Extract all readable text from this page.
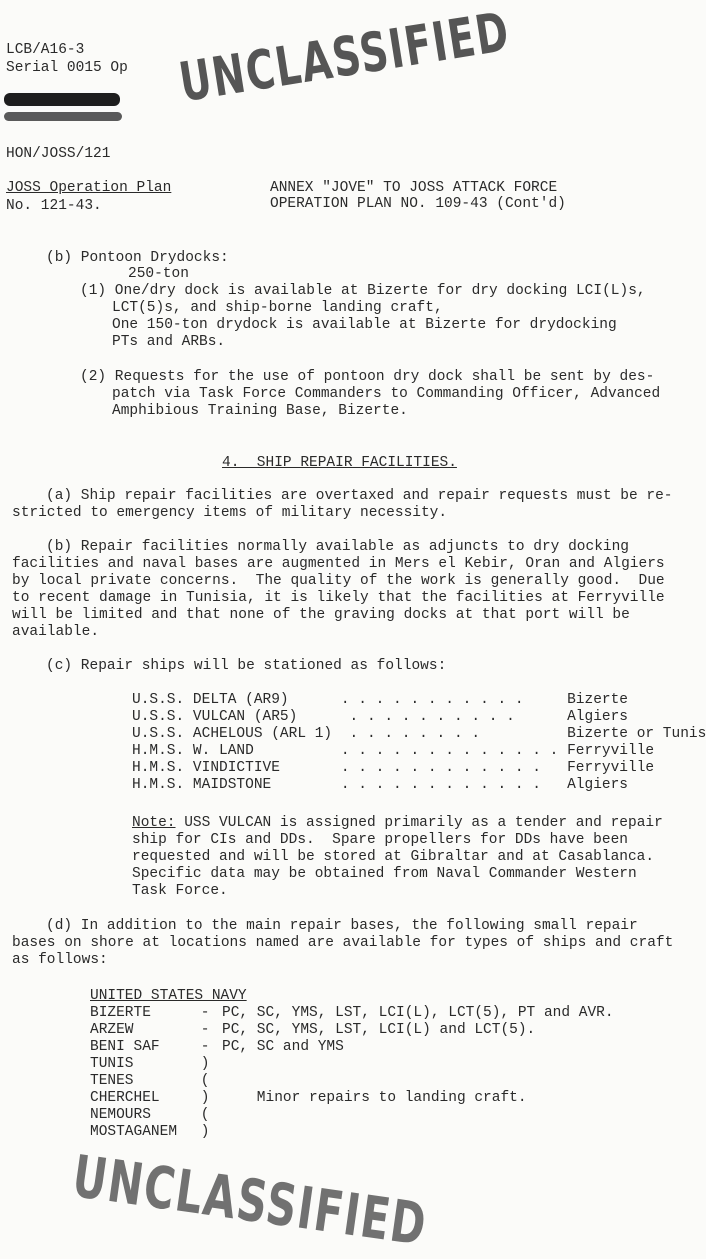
LCB/A16-3
Serial 0015 Op
HON/JOSS/121
JOSS Operation Plan
No. 121-43.
ANNEX "JOVE" TO JOSS ATTACK FORCE
OPERATION PLAN NO. 109-43 (Cont'd)
UNCLASSIFIED
(b) Pontoon Drydocks:
250-ton
(1) One/dry dock is available at Bizerte for dry docking LCI(L)s,
LCT(5)s, and ship-borne landing craft,
One 150-ton drydock is available at Bizerte for drydocking
PTs and ARBs.
(2) Requests for the use of pontoon dry dock shall be sent by des-
patch via Task Force Commanders to Commanding Officer, Advanced
Amphibious Training Base, Bizerte.
4.  SHIP REPAIR FACILITIES.
(a) Ship repair facilities are overtaxed and repair requests must be re-
stricted to emergency items of military necessity.
(b) Repair facilities normally available as adjuncts to dry docking
facilities and naval bases are augmented in Mers el Kebir, Oran and Algiers
by local private concerns.  The quality of the work is generally good.  Due
to recent damage in Tunisia, it is likely that the facilities at Ferryville
will be limited and that none of the graving docks at that port will be
available.
(c) Repair ships will be stationed as follows:
U.S.S. DELTA (AR9)	. . . . . . . . . . .	Bizerte
U.S.S. VULCAN (AR5)	. . . . . . . . . .	Algiers
U.S.S. ACHELOUS (ARL 1)	. . . . . . . .	Bizerte or Tunis
H.M.S. W. LAND	. . . . . . . . . . . . .	Ferryville
H.M.S. VINDICTIVE	. . . . . . . . . . . .	Ferryville
H.M.S. MAIDSTONE	. . . . . . . . . . . .	Algiers
Note: USS VULCAN is assigned primarily as a tender and repair
ship for CIs and DDs.  Spare propellers for DDs have been
requested and will be stored at Gibraltar and at Casablanca.
Specific data may be obtained from Naval Commander Western
Task Force.
(d) In addition to the main repair bases, the following small repair
bases on shore at locations named are available for types of ships and craft
as follows:
UNITED STATES NAVY		
BIZERTE	-	PC, SC, YMS, LST, LCI(L), LCT(5), PT and AVR.
ARZEW	-	PC, SC, YMS, LST, LCI(L) and LCT(5).
BENI SAF	-	PC, SC and YMS
TUNIS	)	
TENES	(	
CHERCHEL	)	Minor repairs to landing craft.
NEMOURS	(	
MOSTAGANEM	)	
UNCLASSIFIED
